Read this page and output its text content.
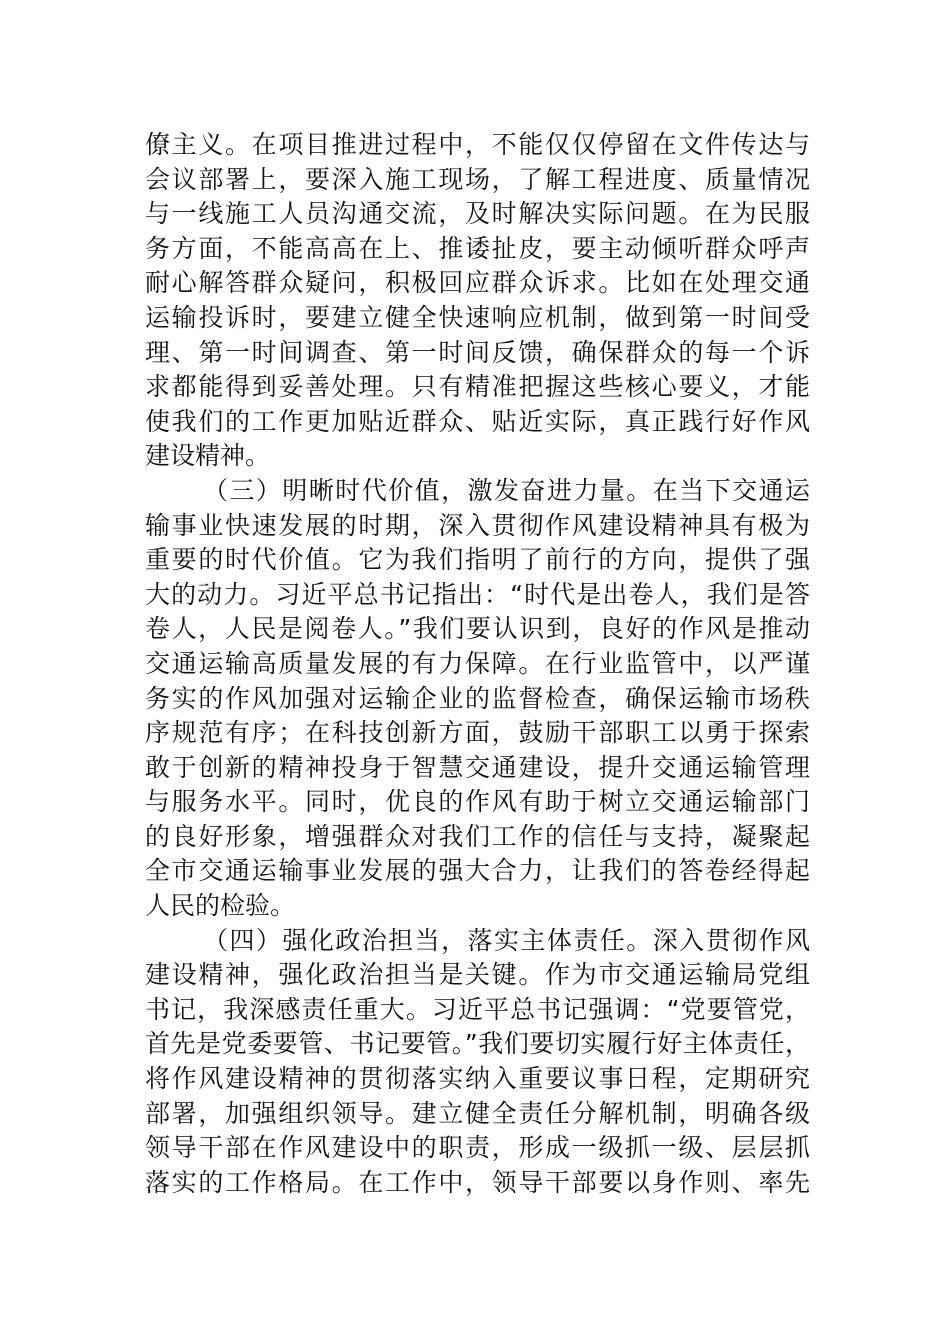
僚主义。在项目推进过程中，不能仅仅停留在文件传达与
会议部署上，要深入施工现场，了解工程进度、质量情况
与一线施工人员沟通交流，及时解决实际问题。在为民服
务方面，不能高高在上、推诿扯皮，要主动倾听群众呼声
耐心解答群众疑问，积极回应群众诉求。比如在处理交通
运输投诉时，要建立健全快速响应机制，做到第一时间受
理、第一时间调查、第一时间反馈，确保群众的每一个诉
求都能得到妥善处理。只有精准把握这些核心要义，才能
使我们的工作更加贴近群众、贴近实际，真正践行好作风
建设精神。
（三）明晰时代价值，激发奋进力量。在当下交通运
输事业快速发展的时期，深入贯彻作风建设精神具有极为
重要的时代价值。它为我们指明了前行的方向，提供了强
大的动力。习近平总书记指出：“时代是出卷人，我们是答
卷人，人民是阅卷人。”我们要认识到，良好的作风是推动
交通运输高质量发展的有力保障。在行业监管中，以严谨
务实的作风加强对运输企业的监督检查，确保运输市场秩
序规范有序；在科技创新方面，鼓励干部职工以勇于探索
敢于创新的精神投身于智慧交通建设，提升交通运输管理
与服务水平。同时，优良的作风有助于树立交通运输部门
的良好形象，增强群众对我们工作的信任与支持，凝聚起
全市交通运输事业发展的强大合力，让我们的答卷经得起
人民的检验。
（四）强化政治担当，落实主体责任。深入贯彻作风
建设精神，强化政治担当是关键。作为市交通运输局党组
书记，我深感责任重大。习近平总书记强调：“党要管党，
首先是党委要管、书记要管。”我们要切实履行好主体责任，
将作风建设精神的贯彻落实纳入重要议事日程，定期研究
部署，加强组织领导。建立健全责任分解机制，明确各级
领导干部在作风建设中的职责，形成一级抓一级、层层抓
落实的工作格局。在工作中，领导干部要以身作则、率先
